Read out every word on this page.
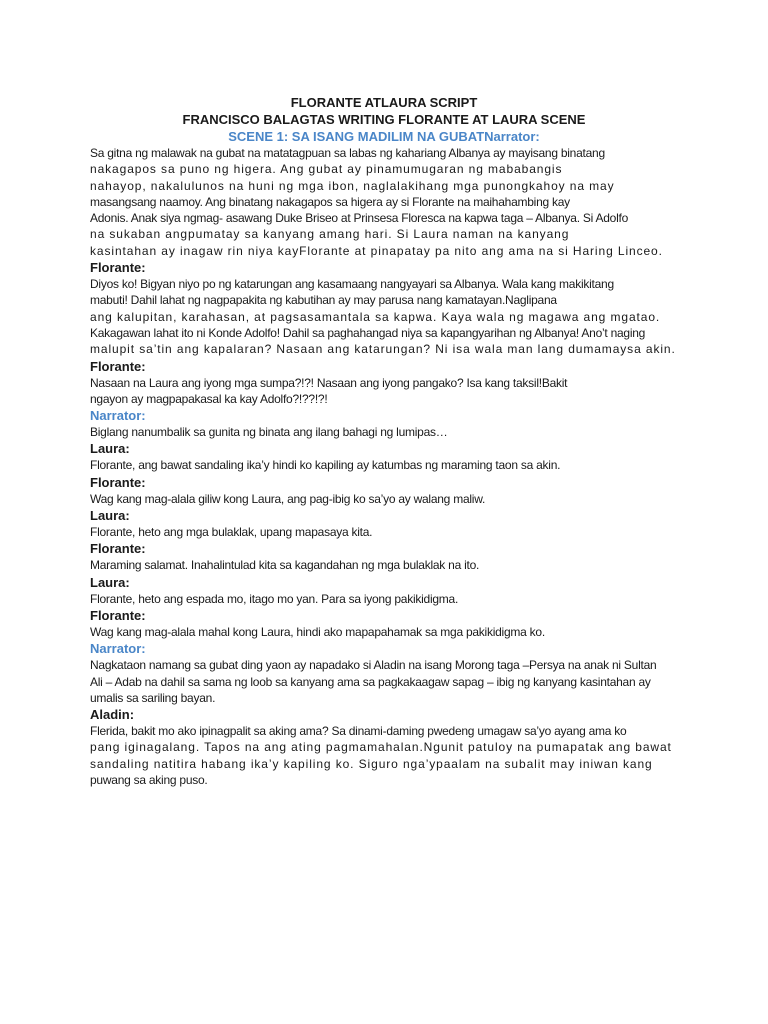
FLORANTE ATLAURA SCRIPT

FRANCISCO BALAGTAS WRITING FLORANTE AT LAURA SCENE

SCENE 1: SA ISANG MADILIM NA GUBATNarrator:
Sa gitna ng malawak na gubat na matatagpuan sa labas ng kahariang Albanya ay mayisang binatang
nakagapos sa puno ng higera. Ang gubat ay pinamumugaran ng mababangis
nahayop, nakalulunos na huni ng mga ibon, naglalakihang mga punongkahoy na may
masangsang naamoy. Ang binatang nakagapos sa higera ay si Florante na maihahambing kay
Adonis. Anak siya ngmag- asawang Duke Briseo at Prinsesa Floresca na kapwa taga – Albanya. Si Adolfo
na sukaban angpumatay sa kanyang amang hari. Si Laura naman na kanyang
kasintahan ay inagaw rin niya kayFlorante at pinapatay pa nito ang ama na si Haring Linceo.
Florante:
Diyos ko! Bigyan niyo po ng katarungan ang kasamaang nangyayari sa Albanya. Wala kang makikitang
mabuti! Dahil lahat ng nagpapakita ng kabutihan ay may parusa nang kamatayan.Naglipana
ang kalupitan, karahasan, at pagsasamantala sa kapwa. Kaya wala ng magawa ang mgatao.
Kakagawan lahat ito ni Konde Adolfo! Dahil sa paghahangad niya sa kapangyarihan ng Albanya! Ano’t naging
malupit sa’tin ang kapalaran? Nasaan ang katarungan? Ni isa wala man lang dumamaysa akin.
Florante:
Nasaan na Laura ang iyong mga sumpa?!?! Nasaan ang iyong pangako? Isa kang taksil!Bakit
ngayon ay magpapakasal ka kay Adolfo?!??!?!
Narrator:
Biglang nanumbalik sa gunita ng binata ang ilang bahagi ng lumipas…
Laura:
Florante, ang bawat sandaling ika’y hindi ko kapiling ay katumbas ng maraming taon sa akin.
Florante:
Wag kang mag-alala giliw kong Laura, ang pag-ibig ko sa’yo ay walang maliw.
Laura:
Florante, heto ang mga bulaklak, upang mapasaya kita.
Florante:
Maraming salamat. Inahalintulad kita sa kagandahan ng mga bulaklak na ito.
Laura:
Florante, heto ang espada mo, itago mo yan. Para sa iyong pakikidigma.
Florante:
Wag kang mag-alala mahal kong Laura, hindi ako mapapahamak sa mga pakikidigma ko.
Narrator:
Nagkataon namang sa gubat ding yaon ay napadako si Aladin na isang Morong taga –Persya na anak ni Sultan
Ali – Adab na dahil sa sama ng loob sa kanyang ama sa pagkakaagaw sapag – ibig ng kanyang kasintahan ay
umalis sa sariling bayan.
Aladin:
Flerida, bakit mo ako ipinagpalit sa aking ama? Sa dinami-daming pwedeng umagaw sa’yo ayang ama ko
pang iginagalang. Tapos na ang ating pagmamahalan.Ngunit patuloy na pumapatak ang bawat
sandaling natitira habang ika’y kapiling ko. Siguro nga’ypaalam na subalit may iniwan kang
puwang sa aking puso.
